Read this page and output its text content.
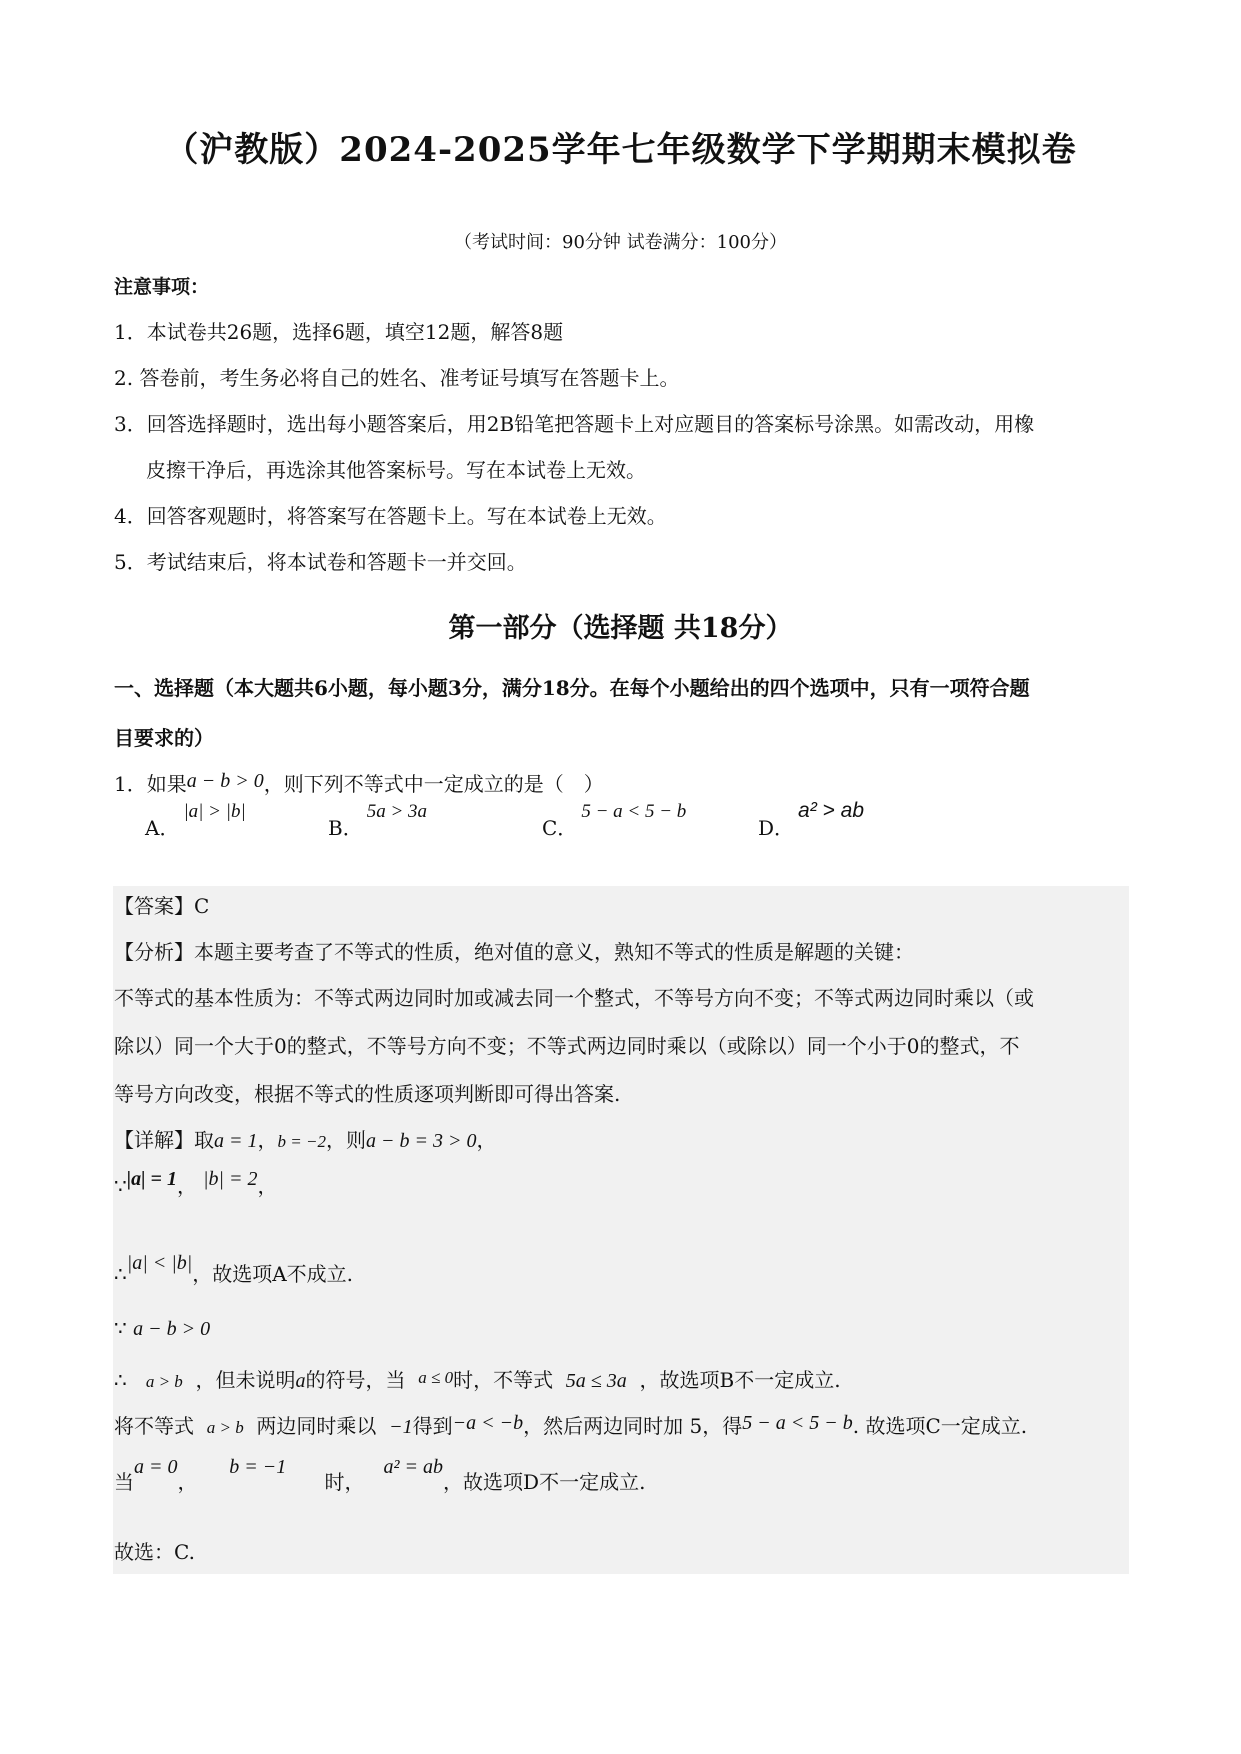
（沪教版）2024-2025学年七年级数学下学期期末模拟卷
（考试时间：90分钟 试卷满分：100分）
注意事项：
1．本试卷共26题，选择6题，填空12题，解答8题
2. 答卷前，考生务必将自己的姓名、准考证号填写在答题卡上。
3．回答选择题时，选出每小题答案后，用2B铅笔把答题卡上对应题目的答案标号涂黑。如需改动，用橡
皮擦干净后，再选涂其他答案标号。写在本试卷上无效。
4．回答客观题时，将答案写在答题卡上。写在本试卷上无效。
5．考试结束后，将本试卷和答题卡一并交回。
第一部分（选择题 共18分）
一、选择题（本大题共6小题，每小题3分，满分18分。在每个小题给出的四个选项中，只有一项符合题
目要求的）
1．如果a − b > 0，则下列不等式中一定成立的是（　）
A．|a| > |b|
B．5a > 3a
C．5 − a < 5 − b
D．a² > ab
【答案】C
【分析】本题主要考查了不等式的性质，绝对值的意义，熟知不等式的性质是解题的关键：
不等式的基本性质为：不等式两边同时加或减去同一个整式，不等号方向不变；不等式两边同时乘以（或
除以）同一个大于0的整式，不等号方向不变；不等式两边同时乘以（或除以）同一个小于0的整式，不
等号方向改变，根据不等式的性质逐项判断即可得出答案.
【详解】取a = 1，b = −2，则a − b = 3 > 0，
∵|a| = 1， |b| = 2，
∴|a| < |b|，故选项A不成立.
∵ a − b > 0
∴ a > b ，但未说明a的符号，当 $^{a \le 0}$时，不等式 5a ≤ 3a ，故选项B不一定成立.
将不等式 a > b 两边同时乘以 −1得到−a < −b，然后两边同时加 5，得5 − a < 5 − b. 故选项C一定成立.
当a = 0，     b = −1      时，   a² = ab，故选项D不一定成立.
故选：C.
